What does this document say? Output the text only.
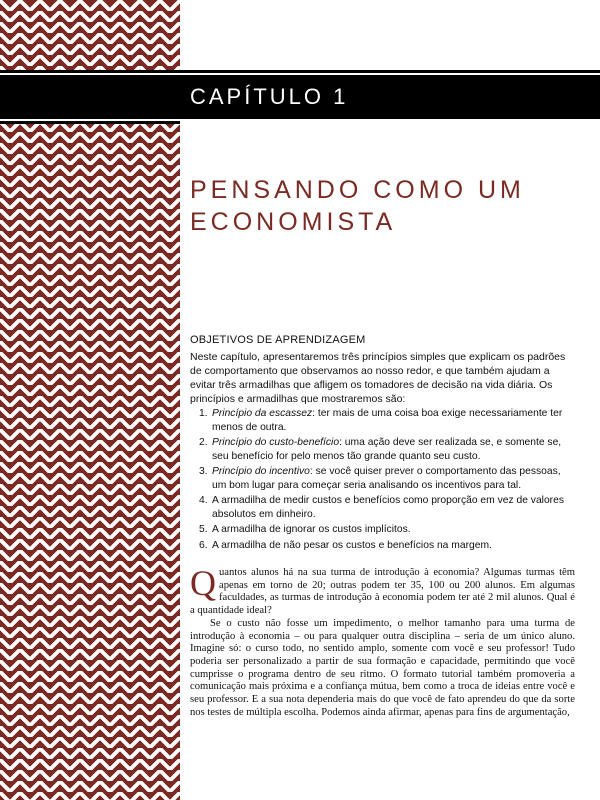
CAPÍTULO 1
PENSANDO COMO UM
ECONOMISTA
OBJETIVOS DE APRENDIZAGEM
Neste capítulo, apresentaremos três princípios simples que explicam os padrões de comportamento que observamos ao nosso redor, e que também ajudam a evitar três armadilhas que afligem os tomadores de decisão na vida diária. Os princípios e armadilhas que mostraremos são:
1. Princípio da escassez: ter mais de uma coisa boa exige necessariamente ter menos de outra.
2. Princípio do custo-benefício: uma ação deve ser realizada se, e somente se, seu benefício for pelo menos tão grande quanto seu custo.
3. Princípio do incentivo: se você quiser prever o comportamento das pessoas, um bom lugar para começar seria analisando os incentivos para tal.
4. A armadilha de medir custos e benefícios como proporção em vez de valores absolutos em dinheiro.
5. A armadilha de ignorar os custos implícitos.
6. A armadilha de não pesar os custos e benefícios na margem.

Quantos alunos há na sua turma de introdução à economia? Algumas turmas têm apenas em torno de 20; outras podem ter 35, 100 ou 200 alunos. Em algumas faculdades, as turmas de introdução à economia podem ter até 2 mil alunos. Qual é a quantidade ideal?

Se o custo não fosse um impedimento, o melhor tamanho para uma turma de introdução à economia – ou para qualquer outra disciplina – seria de um único aluno. Imagine só: o curso todo, no sentido amplo, somente com você e seu professor! Tudo poderia ser personalizado a partir de sua formação e capacidade, permitindo que você cumprisse o programa dentro de seu ritmo. O formato tutorial também promoveria a comunicação mais próxima e a confiança mútua, bem como a troca de ideias entre você e seu professor. E a sua nota dependeria mais do que você de fato aprendeu do que da sorte nos testes de múltipla escolha. Podemos ainda afirmar, apenas para fins de argumentação,
